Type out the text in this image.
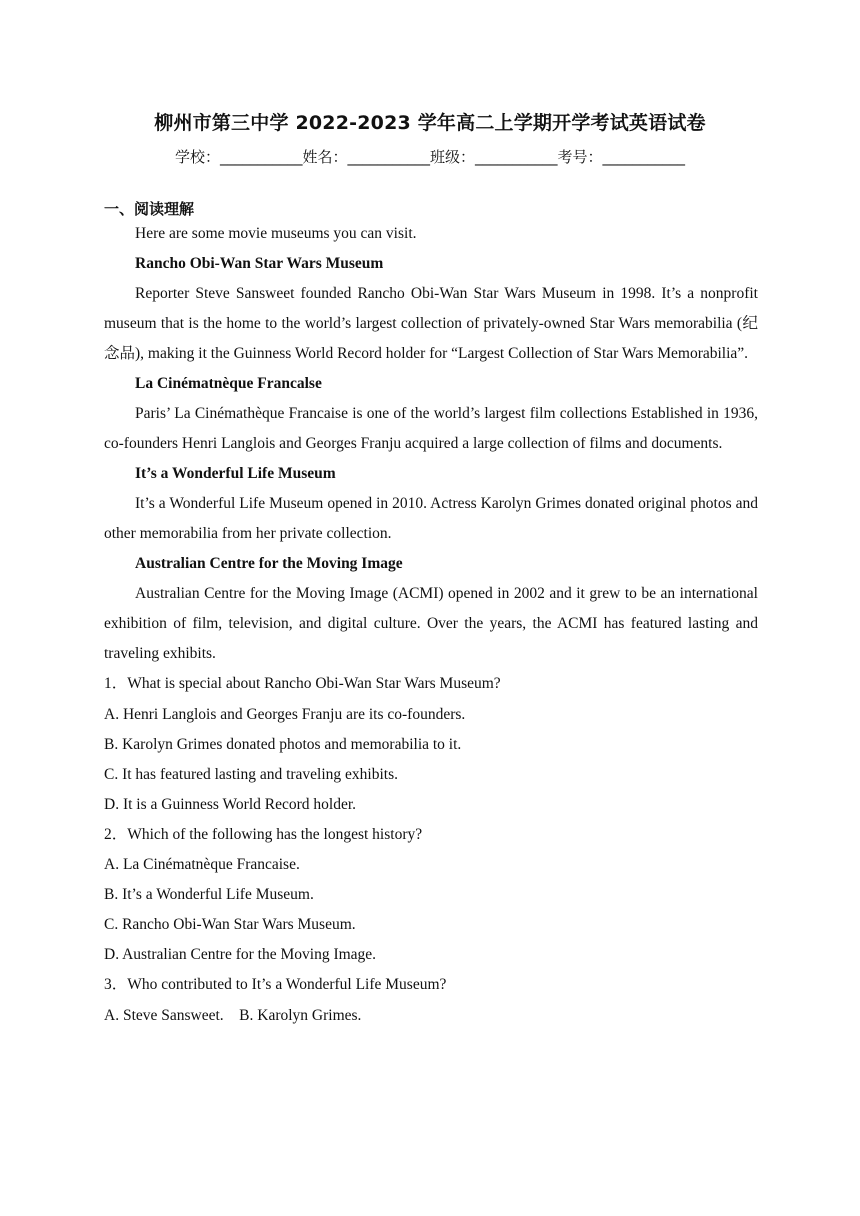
柳州市第三中学 2022-2023 学年高二上学期开学考试英语试卷
学校：___________姓名：___________班级：___________考号：___________
一、阅读理解

Here are some movie museums you can visit.

Rancho Obi-Wan Star Wars Museum

Reporter Steve Sansweet founded Rancho Obi-Wan Star Wars Museum in 1998. It’s a nonprofit museum that is the home to the world’s largest collection of privately-owned Star Wars memorabilia (纪念品), making it the Guinness World Record holder for “Largest Collection of Star Wars Memorabilia”.

La Cinématnèque Francalse

Paris’ La Cinémathèque Francaise is one of the world’s largest film collections Established in 1936, co-founders Henri Langlois and Georges Franju acquired a large collection of films and documents.

It’s a Wonderful Life Museum

It’s a Wonderful Life Museum opened in 2010. Actress Karolyn Grimes donated original photos and other memorabilia from her private collection.

Australian Centre for the Moving Image

Australian Centre for the Moving Image (ACMI) opened in 2002 and it grew to be an international exhibition of film, television, and digital culture. Over the years, the ACMI has featured lasting and traveling exhibits.

1．What is special about Rancho Obi-Wan Star Wars Museum?

A. Henri Langlois and Georges Franju are its co-founders.

B. Karolyn Grimes donated photos and memorabilia to it.

C. It has featured lasting and traveling exhibits.

D. It is a Guinness World Record holder.

2．Which of the following has the longest history?

A. La Cinématnèque Francaise.

B. It’s a Wonderful Life Museum.

C. Rancho Obi-Wan Star Wars Museum.

D. Australian Centre for the Moving Image.

3．Who contributed to It’s a Wonderful Life Museum?

A. Steve Sansweet.    B. Karolyn Grimes.
